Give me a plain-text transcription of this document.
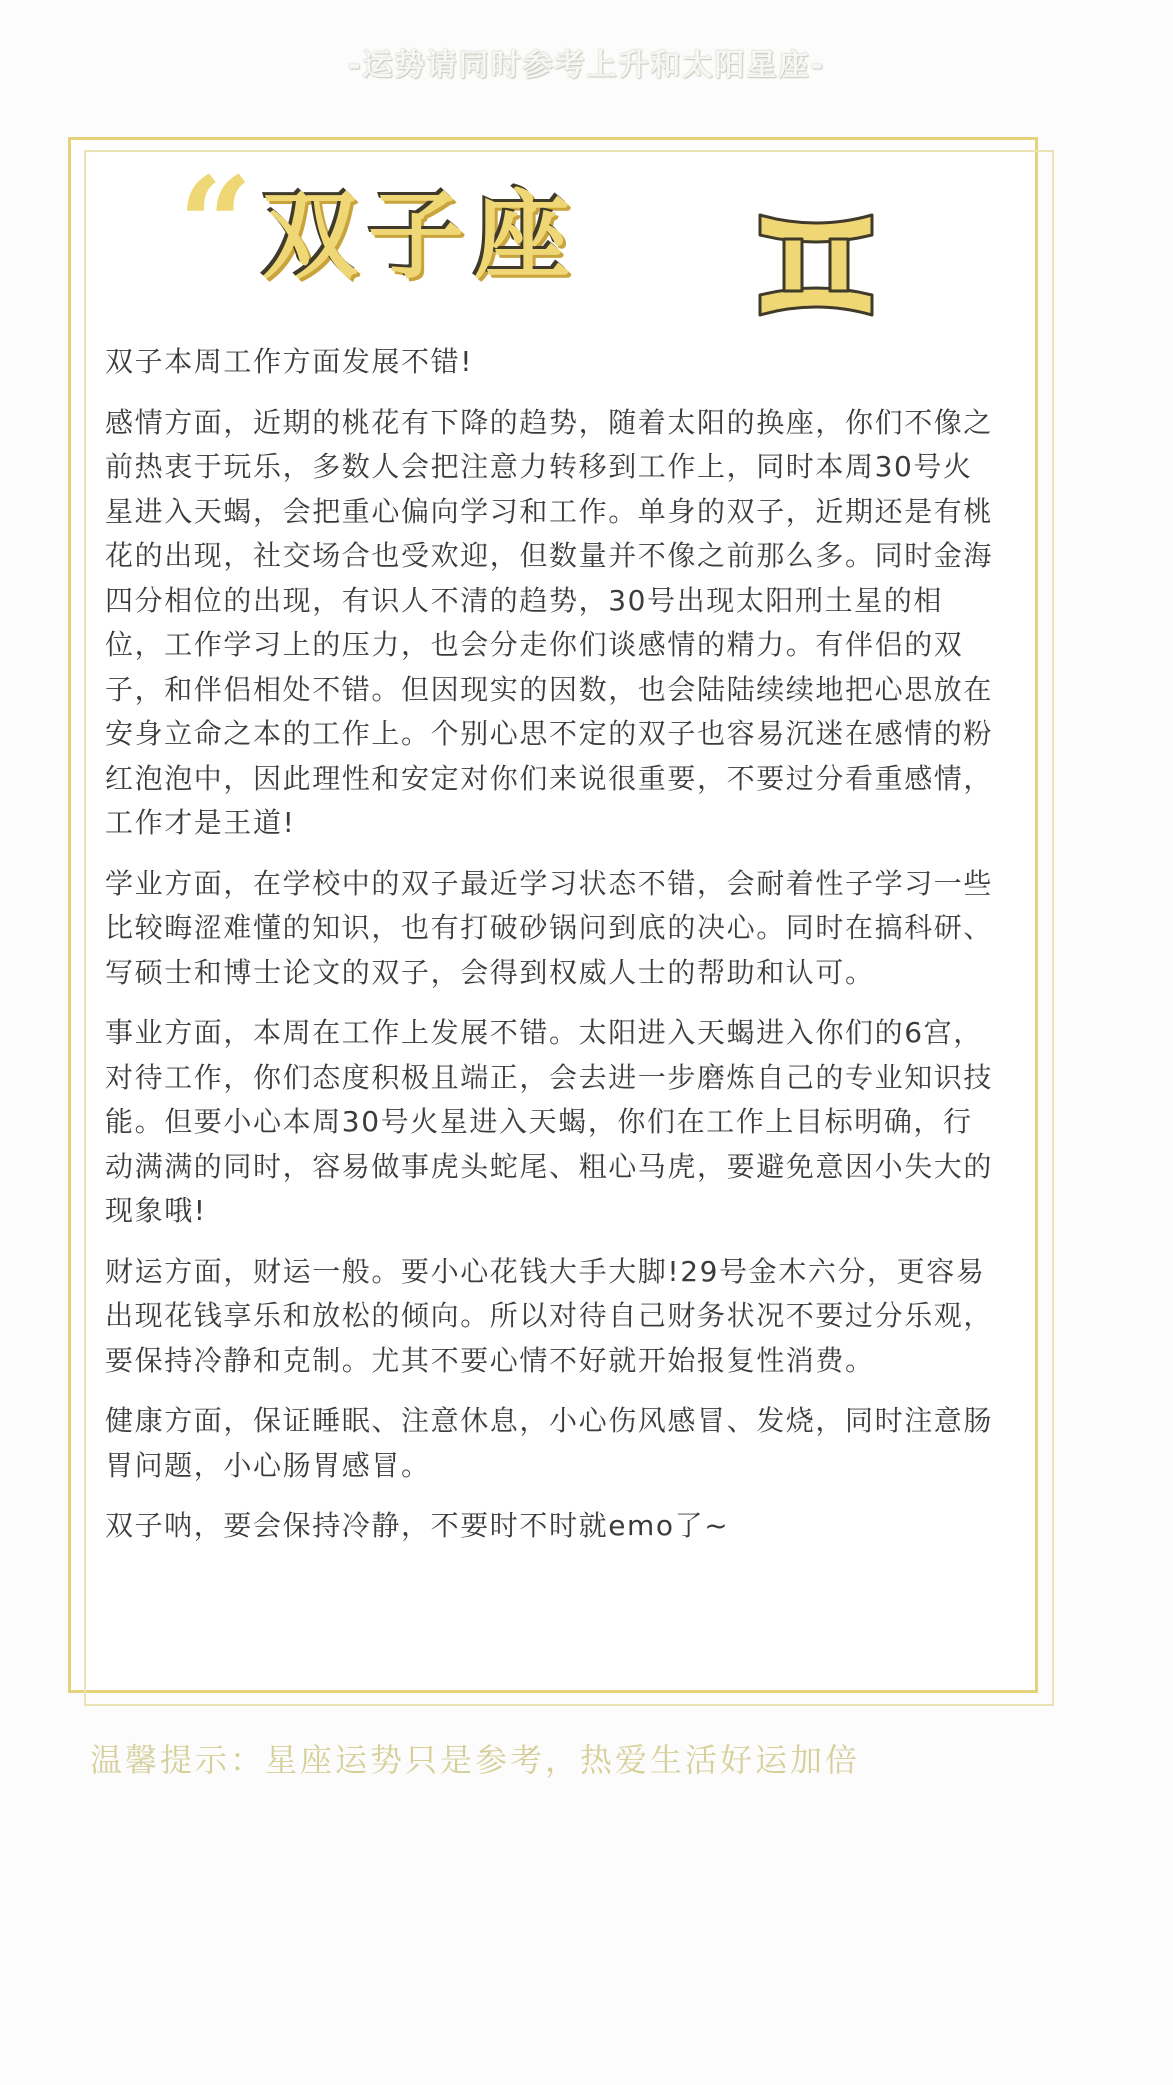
-运势请同时参考上升和太阳星座-
“ 双子座

双子本周工作方面发展不错!

感情方面，近期的桃花有下降的趋势，随着太阳的换座，你们不像之前热衷于玩乐，多数人会把注意力转移到工作上，同时本周30号火星进入天蝎，会把重心偏向学习和工作。单身的双子，近期还是有桃花的出现，社交场合也受欢迎，但数量并不像之前那么多。同时金海四分相位的出现，有识人不清的趋势，30号出现太阳刑土星的相位，工作学习上的压力，也会分走你们谈感情的精力。有伴侣的双子，和伴侣相处不错。但因现实的因数，也会陆陆续续地把心思放在安身立命之本的工作上。个别心思不定的双子也容易沉迷在感情的粉红泡泡中，因此理性和安定对你们来说很重要，不要过分看重感情，工作才是王道!

学业方面，在学校中的双子最近学习状态不错，会耐着性子学习一些比较晦涩难懂的知识，也有打破砂锅问到底的决心。同时在搞科研、写硕士和博士论文的双子，会得到权威人士的帮助和认可。

事业方面，本周在工作上发展不错。太阳进入天蝎进入你们的6宫，对待工作，你们态度积极且端正，会去进一步磨炼自己的专业知识技能。但要小心本周30号火星进入天蝎，你们在工作上目标明确，行动满满的同时，容易做事虎头蛇尾、粗心马虎，要避免意因小失大的现象哦!

财运方面，财运一般。要小心花钱大手大脚!29号金木六分，更容易出现花钱享乐和放松的倾向。所以对待自己财务状况不要过分乐观，要保持冷静和克制。尤其不要心情不好就开始报复性消费。

健康方面，保证睡眠、注意休息，小心伤风感冒、发烧，同时注意肠胃问题，小心肠胃感冒。

双子呐，要会保持冷静，不要时不时就emo了~

温馨提示：星座运势只是参考，热爱生活好运加倍
